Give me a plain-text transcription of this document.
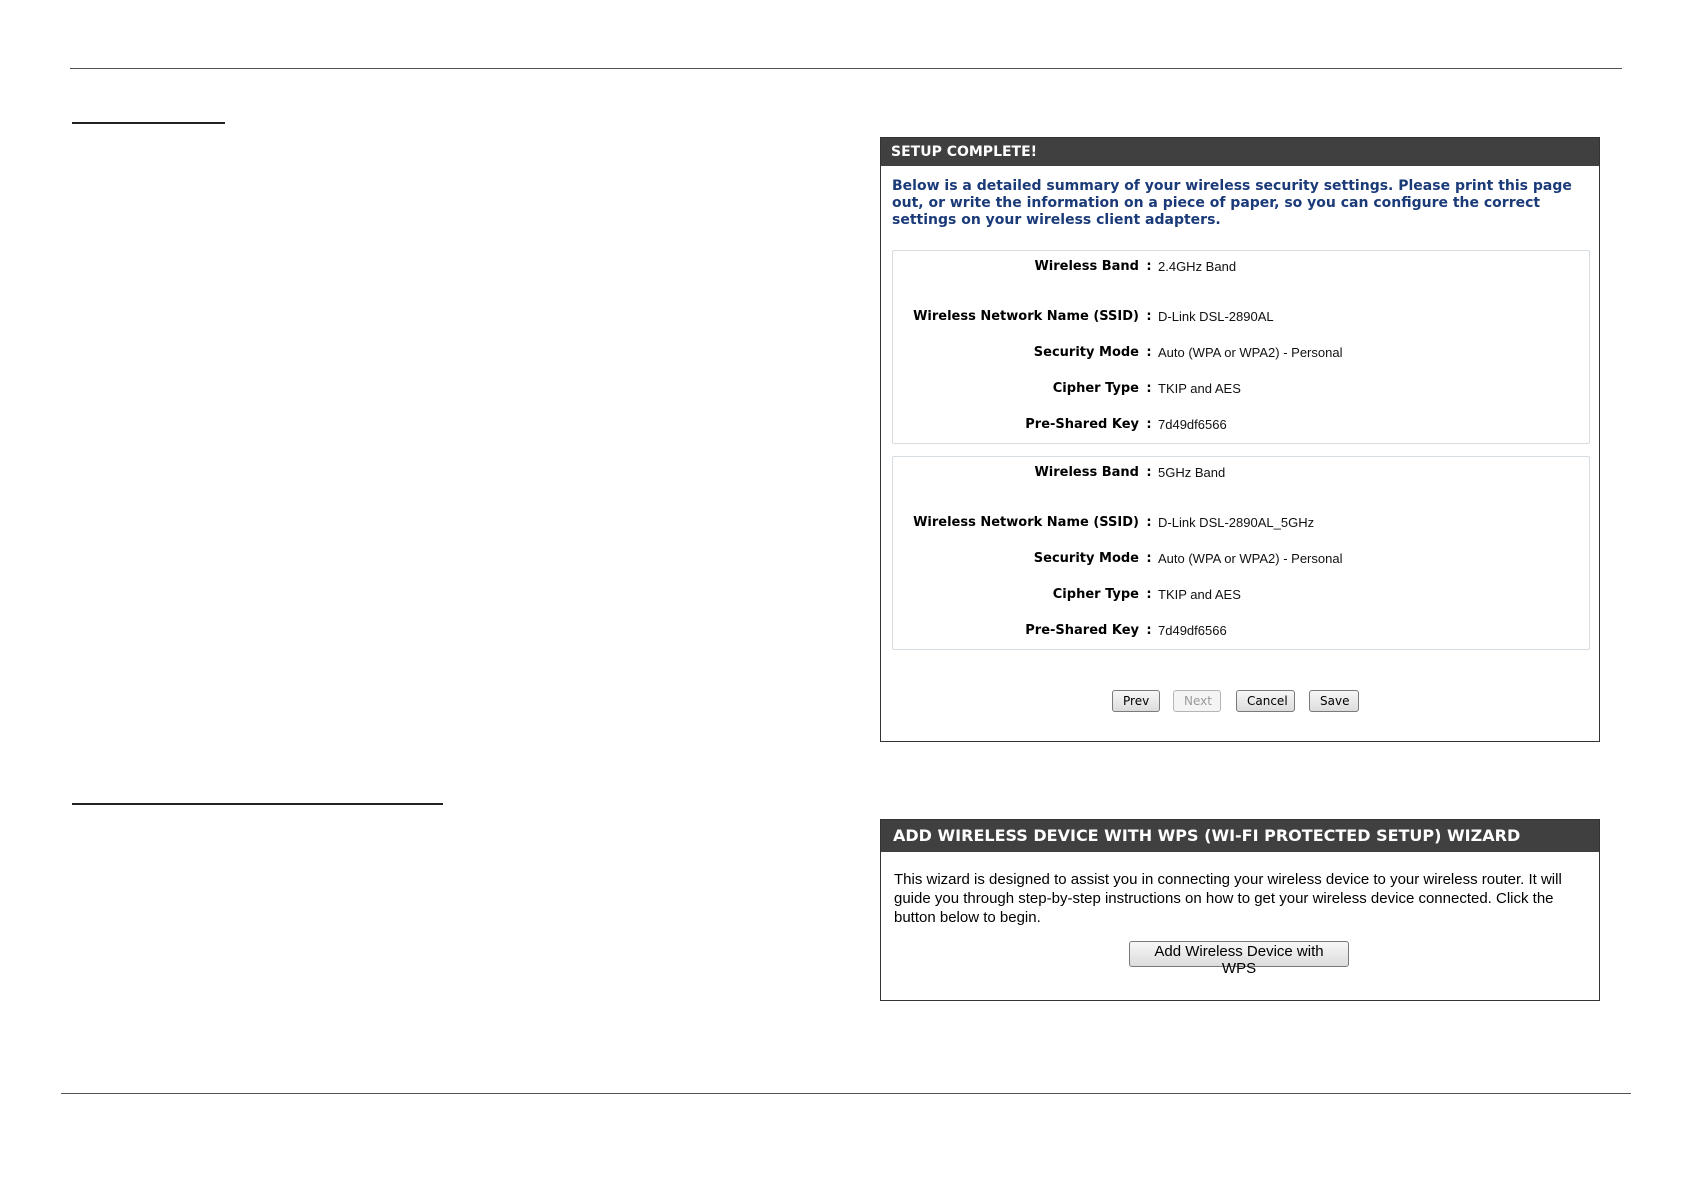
SETUP COMPLETE!
Below is a detailed summary of your wireless security settings. Please print this page out, or write the information on a piece of paper, so you can configure the correct settings on your wireless client adapters.
Wireless Band : 2.4GHz Band
Wireless Network Name (SSID) : D-Link DSL-2890AL
Security Mode : Auto (WPA or WPA2) - Personal
Cipher Type : TKIP and AES
Pre-Shared Key : 7d49df6566
Wireless Band : 5GHz Band
Wireless Network Name (SSID) : D-Link DSL-2890AL_5GHz
Security Mode : Auto (WPA or WPA2) - Personal
Cipher Type : TKIP and AES
Pre-Shared Key : 7d49df6566
Prev	Next	Cancel	Save
ADD WIRELESS DEVICE WITH WPS (WI-FI PROTECTED SETUP) WIZARD
This wizard is designed to assist you in connecting your wireless device to your wireless router. It will guide you through step-by-step instructions on how to get your wireless device connected. Click the button below to begin.
Add Wireless Device with WPS
